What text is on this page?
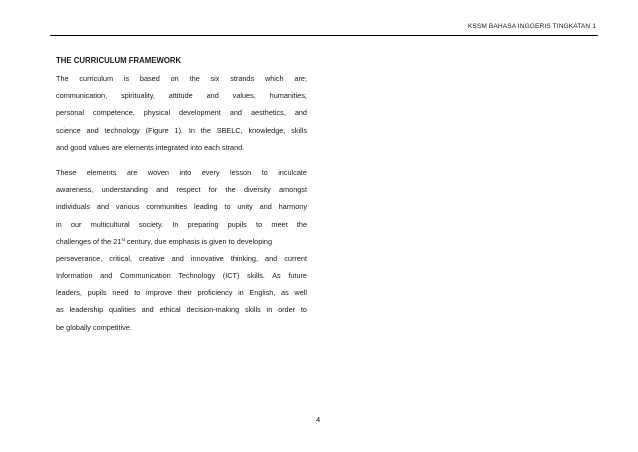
KSSM BAHASA INGGERIS TINGKATAN 1
THE CURRICULUM FRAMEWORK

The curriculum is based on the six strands which are;
communication, spirituality, attitude and values, humanities,
personal competence, physical development and aesthetics, and
science and technology (Figure 1). In the SBELC, knowledge, skills
and good values are elements integrated into each strand.

These elements are woven into every lesson to inculcate
awareness, understanding and respect for the diversity amongst
individuals and various communities leading to unity and harmony
in our multicultural society. In preparing pupils to meet the
challenges of the 21st century, due emphasis is given to developing
perseverance, critical, creative and innovative thinking, and current
Information and Communication Technology (ICT) skills. As future
leaders, pupils need to improve their proficiency in English, as well
as leadership qualities and ethical decision-making skills in order to
be globally competitive.

4
